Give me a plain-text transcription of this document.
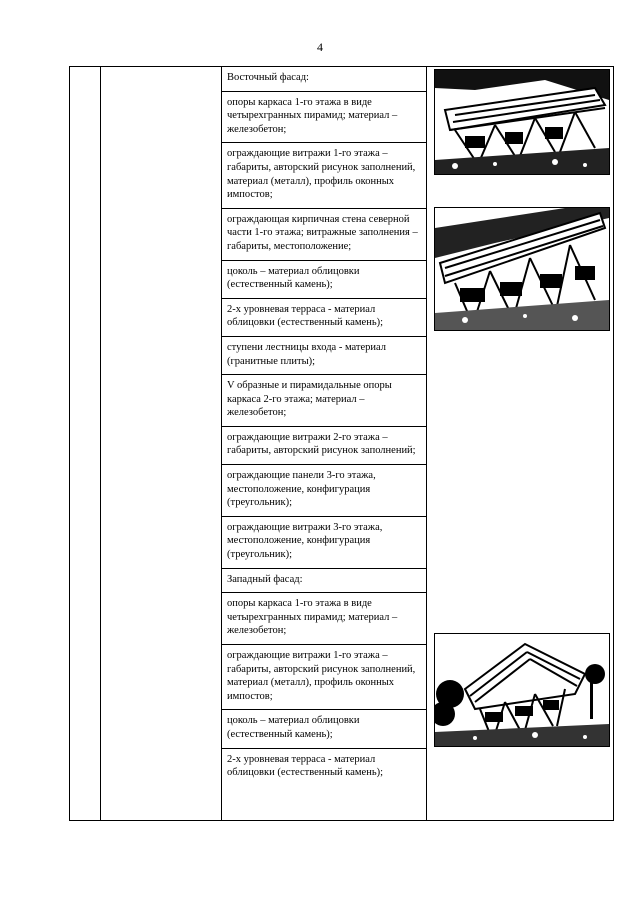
4
Восточный фасад:
опоры каркаса 1-го этажа в виде четырехгранных пирамид; материал – железобетон;
ограждающие витражи 1-го этажа – габариты, авторский рисунок заполнений, материал (металл), профиль оконных импостов;
ограждающая кирпичная стена северной части 1-го этажа; витражные заполнения – габариты, местоположение;
цоколь – материал облицовки (естественный камень);
2-х уровневая терраса - материал облицовки (естественный камень);
ступени лестницы входа - материал (гранитные плиты);
V образные и пирамидальные опоры каркаса 2-го этажа; материал – железобетон;
ограждающие витражи 2-го этажа – габариты, авторский рисунок заполнений;
ограждающие панели 3-го этажа, местоположение, конфигурация (треугольник);
ограждающие витражи 3-го этажа, местоположение, конфигурация (треугольник);
Западный фасад:
опоры каркаса 1-го этажа в виде четырехгранных пирамид; материал – железобетон;
ограждающие витражи 1-го этажа – габариты, авторский рисунок заполнений, материал (металл), профиль оконных импостов;
цоколь – материал облицовки (естественный камень);
2-х уровневая терраса - материал облицовки (естественный камень);
